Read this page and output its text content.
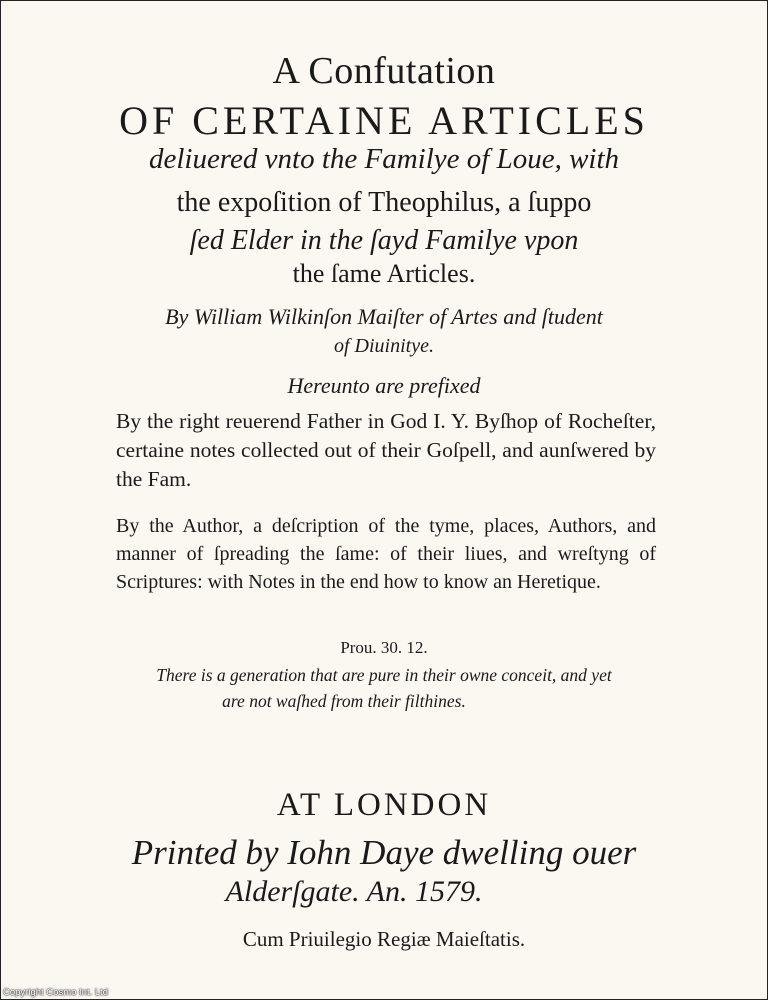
A Confutation
OF CERTAINE ARTICLES
deliuered vnto the Familye of Loue, with
the expoſition of Theophilus, a ſuppo
ſed Elder in the ſayd Familye vpon
the ſame Articles.
By William Wilkinſon Maiſter of Artes and ſtudent
of Diuinitye.
Hereunto are prefixed
By the right reuerend Father in God I. Y. Byſhop of Rocheſter, certaine notes collected out of their Goſpell, and aunſwered by the Fam.
By the Author, a deſcription of the tyme, places, Authors, and manner of ſpreading the ſame: of their liues, and wreſtyng of Scriptures: with Notes in the end how to know an Heretique.
Prou. 30. 12.
There is a generation that are pure in their owne conceit, and yet
are not waſhed from their filthines.
AT LONDON
Printed by Iohn Daye dwelling ouer
Alderſgate. An. 1579.
Cum Priuilegio Regiæ Maieſtatis.
Copyright Cosmo Int. Ltd
